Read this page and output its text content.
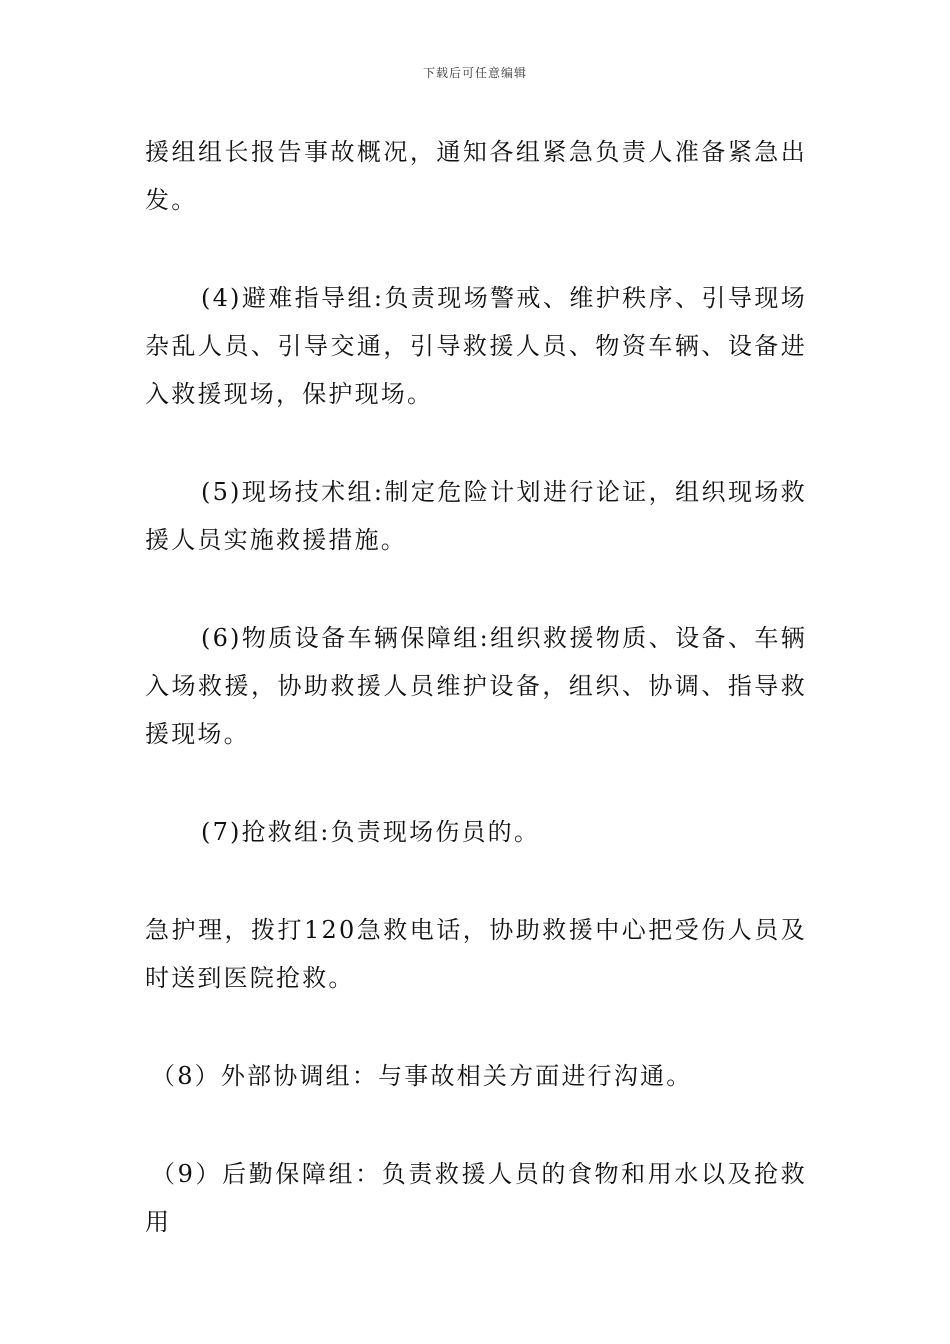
下载后可任意编辑

援组组长报告事故概况，通知各组紧急负责人准备紧急出发。

(4)避难指导组:负责现场警戒、维护秩序、引导现场杂乱人员、引导交通，引导救援人员、物资车辆、设备进入救援现场，保护现场。

(5)现场技术组:制定危险计划进行论证，组织现场救援人员实施救援措施。

(6)物质设备车辆保障组:组织救援物质、设备、车辆入场救援，协助救援人员维护设备，组织、协调、指导救援现场。

(7)抢救组:负责现场伤员的。

急护理，拨打120急救电话，协助救援中心把受伤人员及时送到医院抢救。

（8）外部协调组：与事故相关方面进行沟通。

（9）后勤保障组：负责救援人员的食物和用水以及抢救用
